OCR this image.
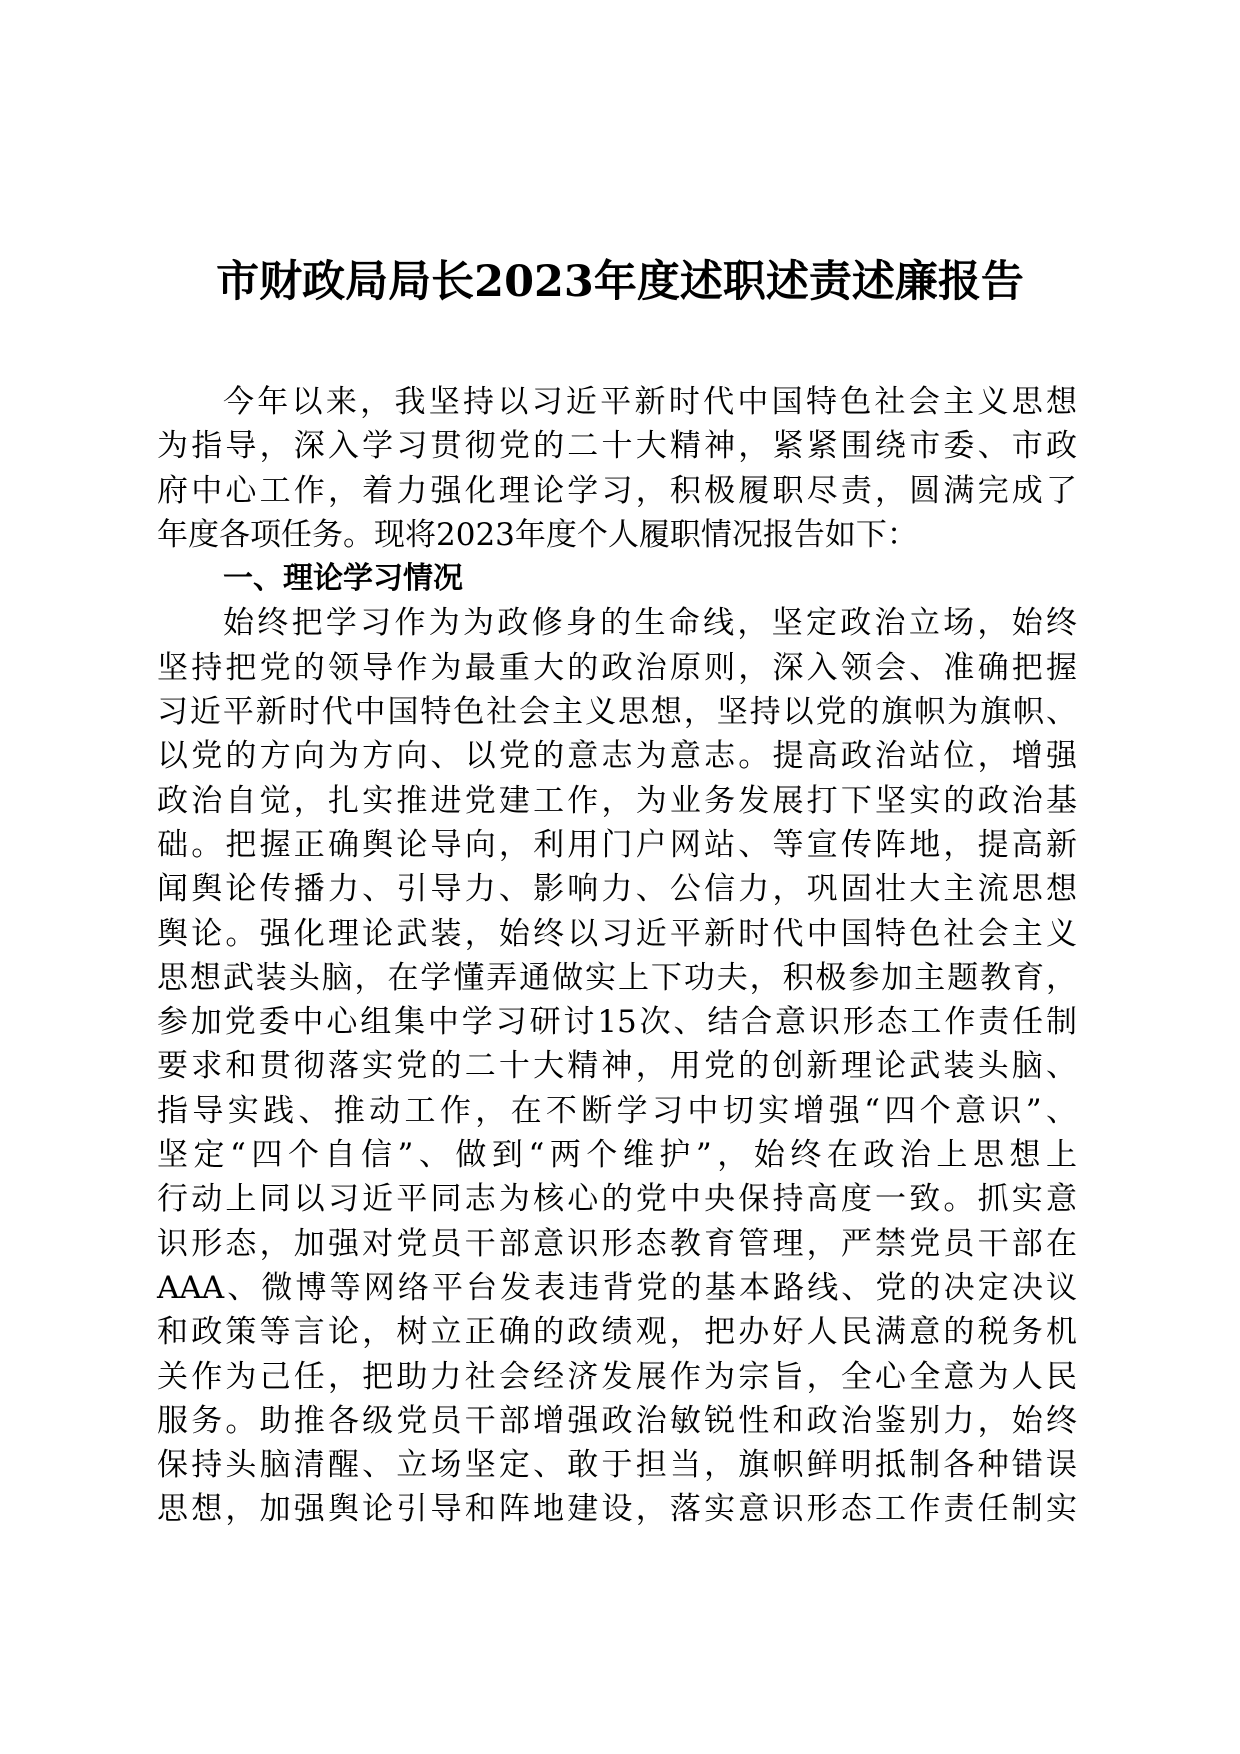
市财政局局长2023年度述职述责述廉报告
今年以来，我坚持以习近平新时代中国特色社会主义思想
为指导，深入学习贯彻党的二十大精神，紧紧围绕市委、市政
府中心工作，着力强化理论学习，积极履职尽责，圆满完成了
年度各项任务。现将2023年度个人履职情况报告如下：
一、理论学习情况
始终把学习作为为政修身的生命线，坚定政治立场，始终
坚持把党的领导作为最重大的政治原则，深入领会、准确把握
习近平新时代中国特色社会主义思想，坚持以党的旗帜为旗帜、
以党的方向为方向、以党的意志为意志。提高政治站位，增强
政治自觉，扎实推进党建工作，为业务发展打下坚实的政治基
础。把握正确舆论导向，利用门户网站、等宣传阵地，提高新
闻舆论传播力、引导力、影响力、公信力，巩固壮大主流思想
舆论。强化理论武装，始终以习近平新时代中国特色社会主义
思想武装头脑，在学懂弄通做实上下功夫，积极参加主题教育，
参加党委中心组集中学习研讨15次、结合意识形态工作责任制
要求和贯彻落实党的二十大精神，用党的创新理论武装头脑、
指导实践、推动工作，在不断学习中切实增强“四个意识”、
坚定“四个自信”、做到“两个维护”，始终在政治上思想上
行动上同以习近平同志为核心的党中央保持高度一致。抓实意
识形态，加强对党员干部意识形态教育管理，严禁党员干部在
AAA、微博等网络平台发表违背党的基本路线、党的决定决议
和政策等言论，树立正确的政绩观，把办好人民满意的税务机
关作为己任，把助力社会经济发展作为宗旨，全心全意为人民
服务。助推各级党员干部增强政治敏锐性和政治鉴别力，始终
保持头脑清醒、立场坚定、敢于担当，旗帜鲜明抵制各种错误
思想，加强舆论引导和阵地建设，落实意识形态工作责任制实
